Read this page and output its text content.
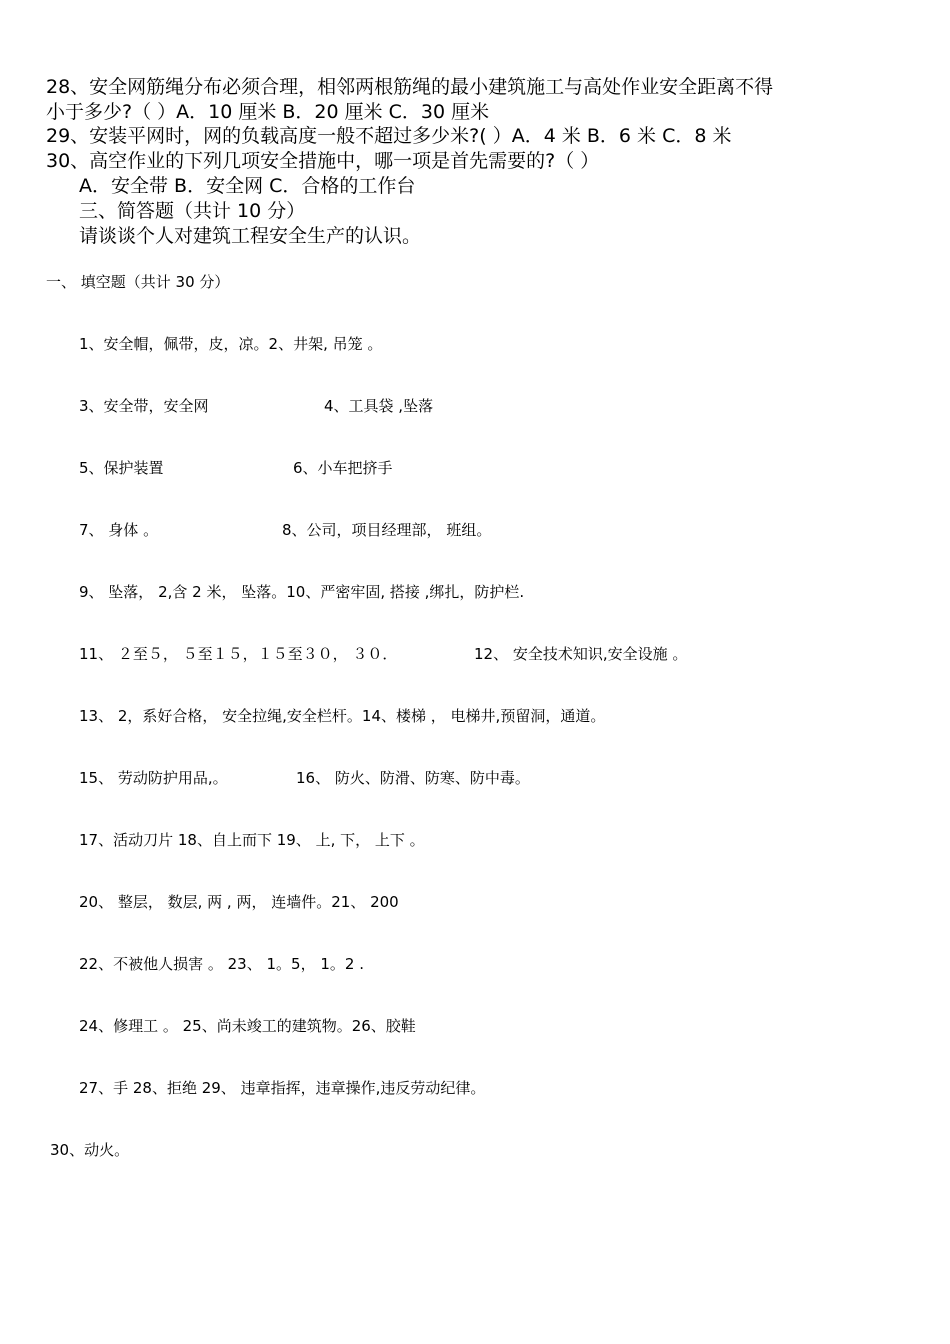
28、安全网筋绳分布必须合理，相邻两根筋绳的最小建筑施工与高处作业安全距离不得
小于多少?（ ）A．10 厘米 B．20 厘米 C．30 厘米
29、安装平网时，网的负载高度一般不超过多少米?( ）A．4 米 B．6 米 C．8 米
30、高空作业的下列几项安全措施中，哪一项是首先需要的?（ ）
A．安全带 B．安全网 C．合格的工作台
三、简答题（共计 10 分）
请谈谈个人对建筑工程安全生产的认识。
一、 填空题（共计 30 分）
1、安全帽，佩带，皮，凉。2、井架, 吊笼 。
3、安全带，安全网	4、工具袋 ,坠落
5、保护装置	6、小车把挤手
7、 身体 。	8、公司，项目经理部， 班组。
9、 坠落， 2,含 2 米， 坠落。10、严密牢固, 搭接 ,绑扎，防护栏.
11、 ２至５， ５至１５，１５至３０， ３０．	12、 安全技术知识,安全设施 。
13、 2，系好合格， 安全拉绳,安全栏杆。14、楼梯 ， 电梯井,预留洞，通道。
15、 劳动防护用品,。	16、 防火、防滑、防寒、防中毒。
17、活动刀片 18、自上而下 19、 上, 下， 上下 。
20、 整层， 数层, 两 , 两， 连墙件。21、 200
22、不被他人损害 。 23、 1。5， 1。2 .
24、修理工 。 25、尚未竣工的建筑物。26、胶鞋
27、手 28、拒绝 29、 违章指挥，违章操作,违反劳动纪律。
30、动火。
